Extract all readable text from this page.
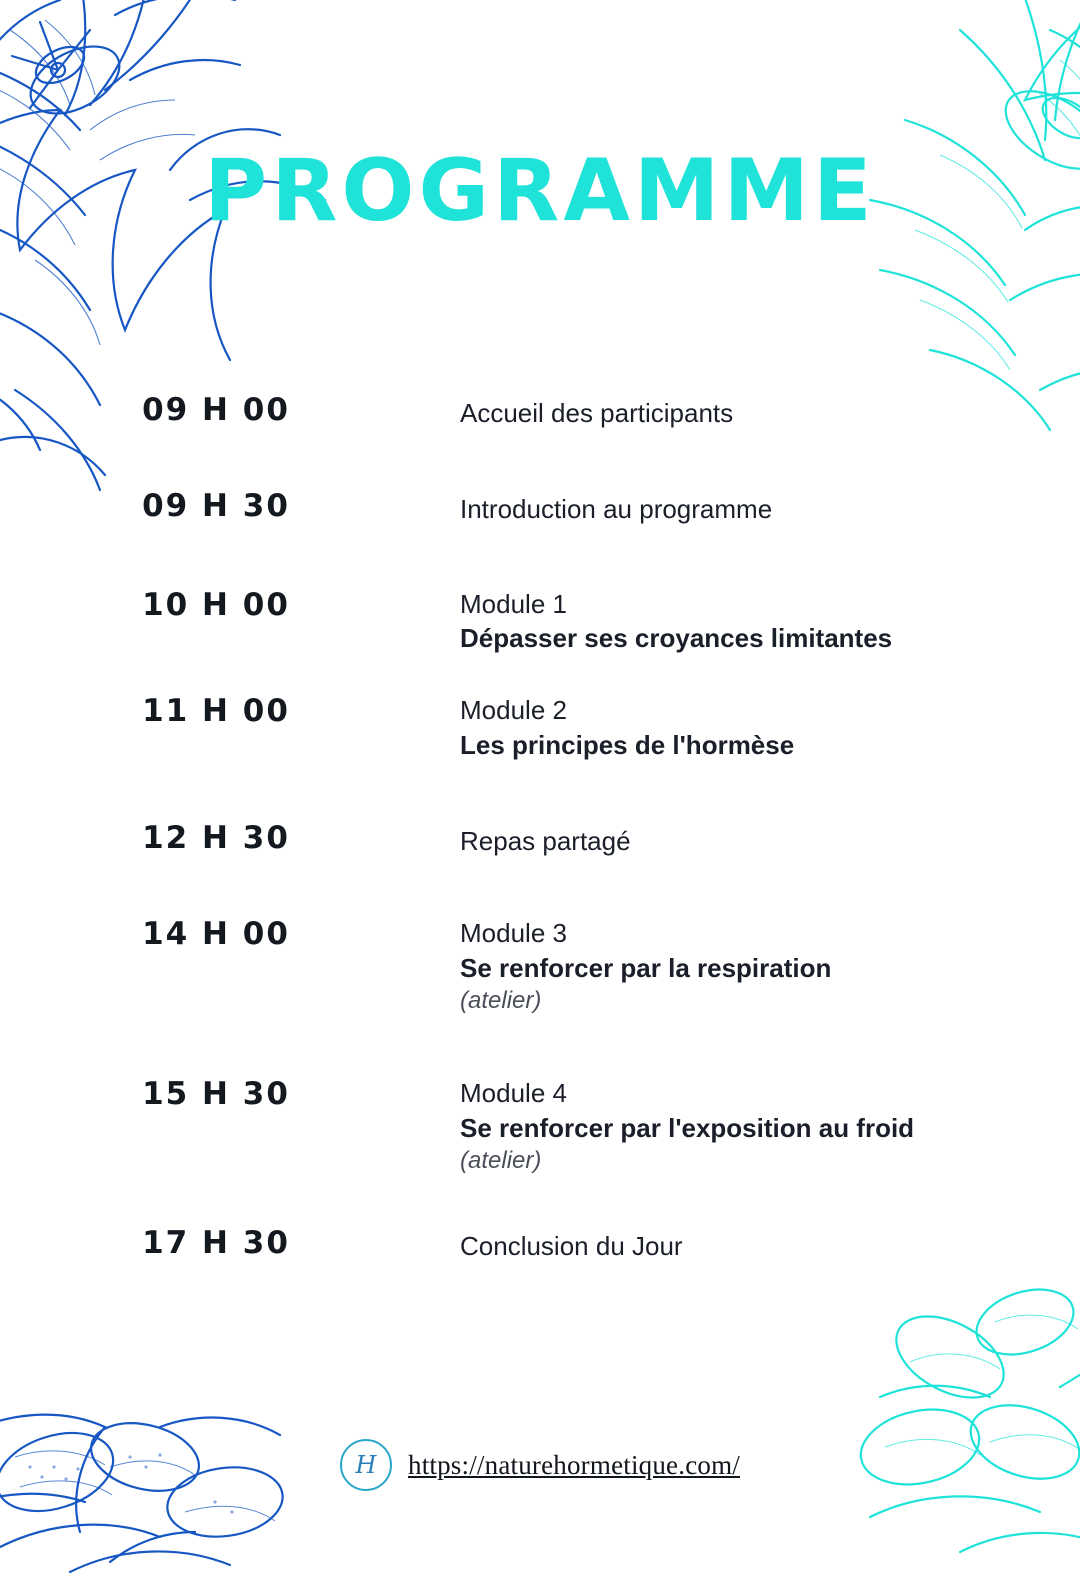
PROGRAMME
09 H 00	Accueil des participants
09 H 30	Introduction au programme
10 H 00	Module 1
Dépasser ses croyances limitantes
11 H 00	Module 2
Les principes de l'hormèse
12 H 30	Repas partagé
14 H 00	Module 3
Se renforcer par la respiration
(atelier)
15 H 30	Module 4
Se renforcer par l'exposition au froid
(atelier)
17 H 30	Conclusion du Jour
H	https://naturehormetique.com/
